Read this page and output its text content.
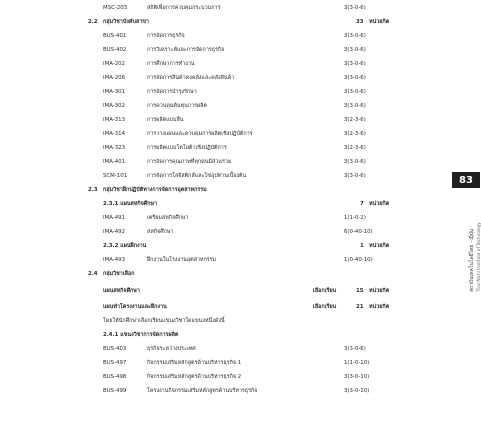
MSC-203	สถิติเพื่อการควบคุมกระบวนการ	3(3-0-6)
2.2 กลุ่มวิชาบังคับสาขา	33 หน่วยกิต
BUS-401	การจัดการธุรกิจ	3(3-0-6)
BUS-402	การวิเคราะห์และการจัดการธุรกิจ	3(3-0-6)
IMA-202	การศึกษาการทำงาน	3(3-0-6)
IMA-206	การจัดการสินค้าคงคลังและคลังสินค้า	3(3-0-6)
IMA-301	การจัดการบำรุงรักษา	3(3-0-6)
IMA-302	การควบคุมต้นทุนการผลิต	3(3-0-6)
IMA-313	การผลิตแบบลีน	3(2-3-6)
IMA-314	การวางแผนและควบคุมการผลิตเชิงปฏิบัติการ	3(2-3-6)
IMA-323	การผลิตแบบโตโยต้าเชิงปฏิบัติการ	3(2-3-6)
IMA-401	การจัดการคุณภาพที่ทุกคนมีส่วนร่วม	3(3-0-6)
SCM-101	การจัดการโลจิสติกส์และโซ่อุปทานเบื้องต้น	3(3-0-6)
2.3 กลุ่มวิชาฝึกปฏิบัติทางการจัดการอุตสาหกรรม
2.3.1 แผนสหกิจศึกษา	7 หน่วยกิต
IMA-491	เตรียมสหกิจศึกษา	1(1-0-2)
IMA-492	สหกิจศึกษา	6(0-40-10)
2.3.2 แผนฝึกงาน	1 หน่วยกิต
IMA-493	ฝึกงานในโรงงานอุตสาหกรรม	1(0-40-10)
2.4 กลุ่มวิชาเลือก
แผนสหกิจศึกษา	เลือกเรียน	15 หน่วยกิต
แผนทำโครงงานและฝึกงาน	เลือกเรียน	21 หน่วยกิต
โดยให้นักศึกษาเลือกเรียนแขนงวิชาใดแขนงหนึ่งดังนี้
2.4.1 แขนงวิชาการจัดการผลิต
BUS-403	ธุรกิจระหว่างประเทศ	3(3-0-6)
BUS-497	กิจกรรมเสริมหลักสูตรด้านบริหารธุรกิจ 1	1(1-0-10)
BUS-498	กิจกรรมเสริมหลักสูตรด้านบริหารธุรกิจ 2	3(3-0-10)
BUS-499	โครงงานกิจกรรมเสริมหลักสูตรด้านบริหารธุรกิจ	3(3-0-10)
83
สถาบันเทคโนโลยีไทย - ญี่ปุ่น Thai-Nichi Institute of Technology
